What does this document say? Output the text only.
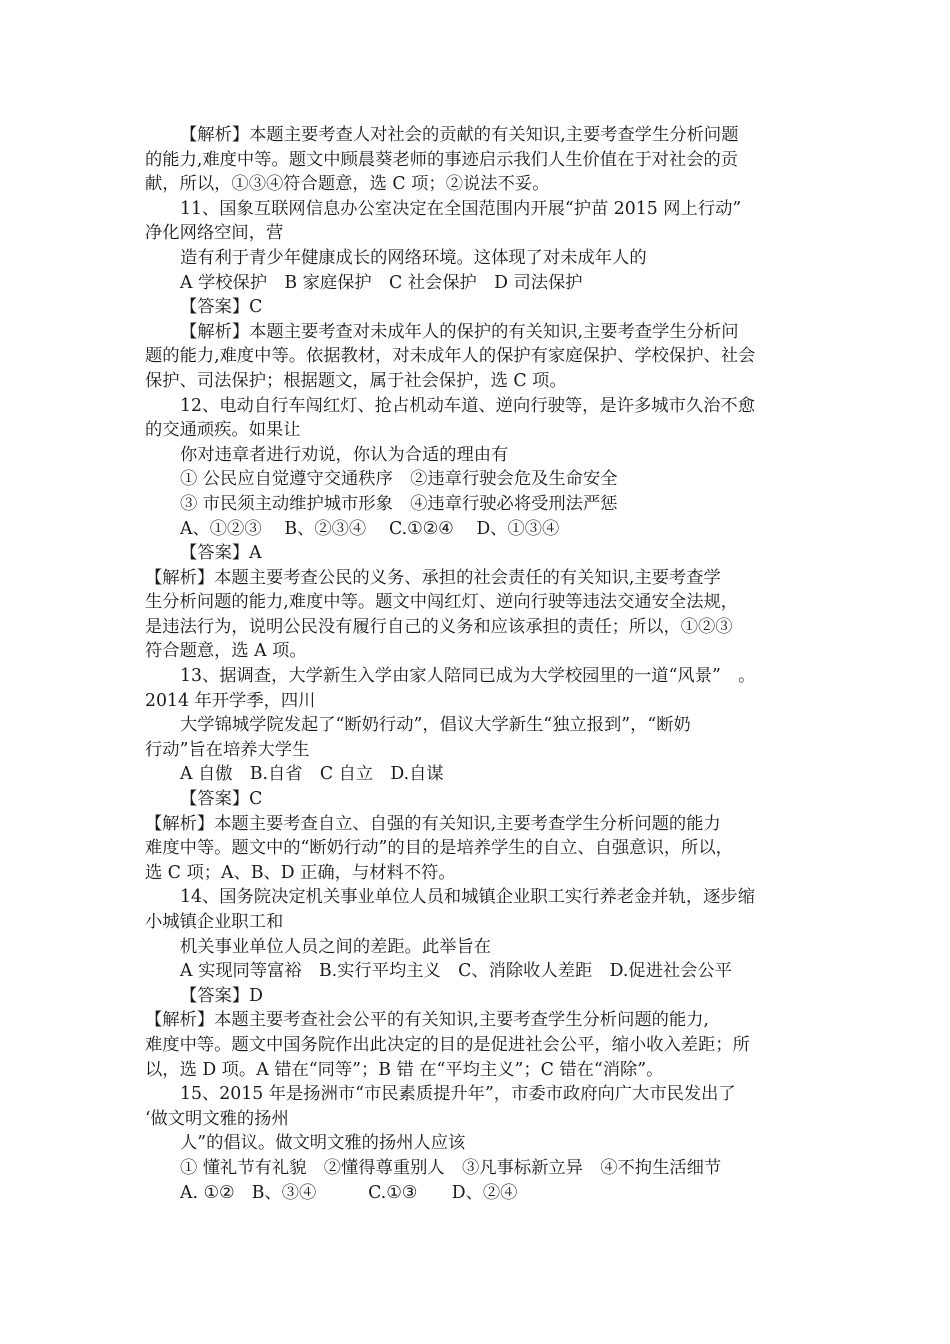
【解析】本题主要考查人对社会的贡献的有关知识,主要考查学生分析问题
的能力,难度中等。题文中顾晨葵老师的事迹启示我们人生价值在于对社会的贡
献，所以，①③④符合题意，选 C 项；②说法不妥。
11、国象互联网信息办公室决定在全国范围内开展“护苗 2015 网上行动”
净化网络空间，营
造有利于青少年健康成长的网络环境。这体现了对未成年人的
A 学校保护　B 家庭保护　C 社会保护　D 司法保护
【答案】C
【解析】本题主要考查对未成年人的保护的有关知识,主要考查学生分析问
题的能力,难度中等。依据教材，对未成年人的保护有家庭保护、学校保护、社会
保护、司法保护；根据题文，属于社会保护，选 C 项。
12、电动自行车闯红灯、抢占机动车道、逆向行驶等，是许多城市久治不愈
的交通顽疾。如果让
你对违章者进行劝说，你认为合适的理由有
① 公民应自觉遵守交通秩序　②违章行驶会危及生命安全
③ 市民须主动维护城市形象　④违章行驶必将受刑法严惩
A、①②③　 B、②③④　 C.①②④　 D、①③④
【答案】A
【解析】本题主要考查公民的义务、承担的社会责任的有关知识,主要考查学
生分析问题的能力,难度中等。题文中闯红灯、逆向行驶等违法交通安全法规，
是违法行为，说明公民没有履行自己的义务和应该承担的责任；所以，①②③
符合题意，选 A 项。
13、据调查，大学新生入学由家人陪同已成为大学校园里的一道“风景”　。
2014 年开学季，四川
大学锦城学院发起了“断奶行动”，倡议大学新生“独立报到”，“断奶
行动”旨在培养大学生
A 自傲　B.自省　C 自立　D.自谋
【答案】C
【解析】本题主要考查自立、自强的有关知识,主要考查学生分析问题的能力
难度中等。题文中的“断奶行动”的目的是培养学生的自立、自强意识，所以，
选 C 项；A、B、D 正确，与材料不符。
14、国务院决定机关事业单位人员和城镇企业职工实行养老金并轨，逐步缩
小城镇企业职工和
机关事业单位人员之间的差距。此举旨在
A 实现同等富裕　B.实行平均主义　C、消除收人差距　D.促进社会公平
【答案】D
【解析】本题主要考查社会公平的有关知识,主要考查学生分析问题的能力,
难度中等。题文中国务院作出此决定的目的是促进社会公平，缩小收入差距；所
以，选 D 项。A 错在“同等”；B 错 在“平均主义”；C 错在“消除”。
15、2015 年是扬洲市“市民素质提升年”，市委市政府向广大市民发出了
‘做文明文雅的扬州
人”的倡议。做文明文雅的扬州人应该
① 懂礼节有礼貌　②懂得尊重别人　③凡事标新立异　④不拘生活细节
A. ①②　B、③④　　　C.①③　　D、②④
